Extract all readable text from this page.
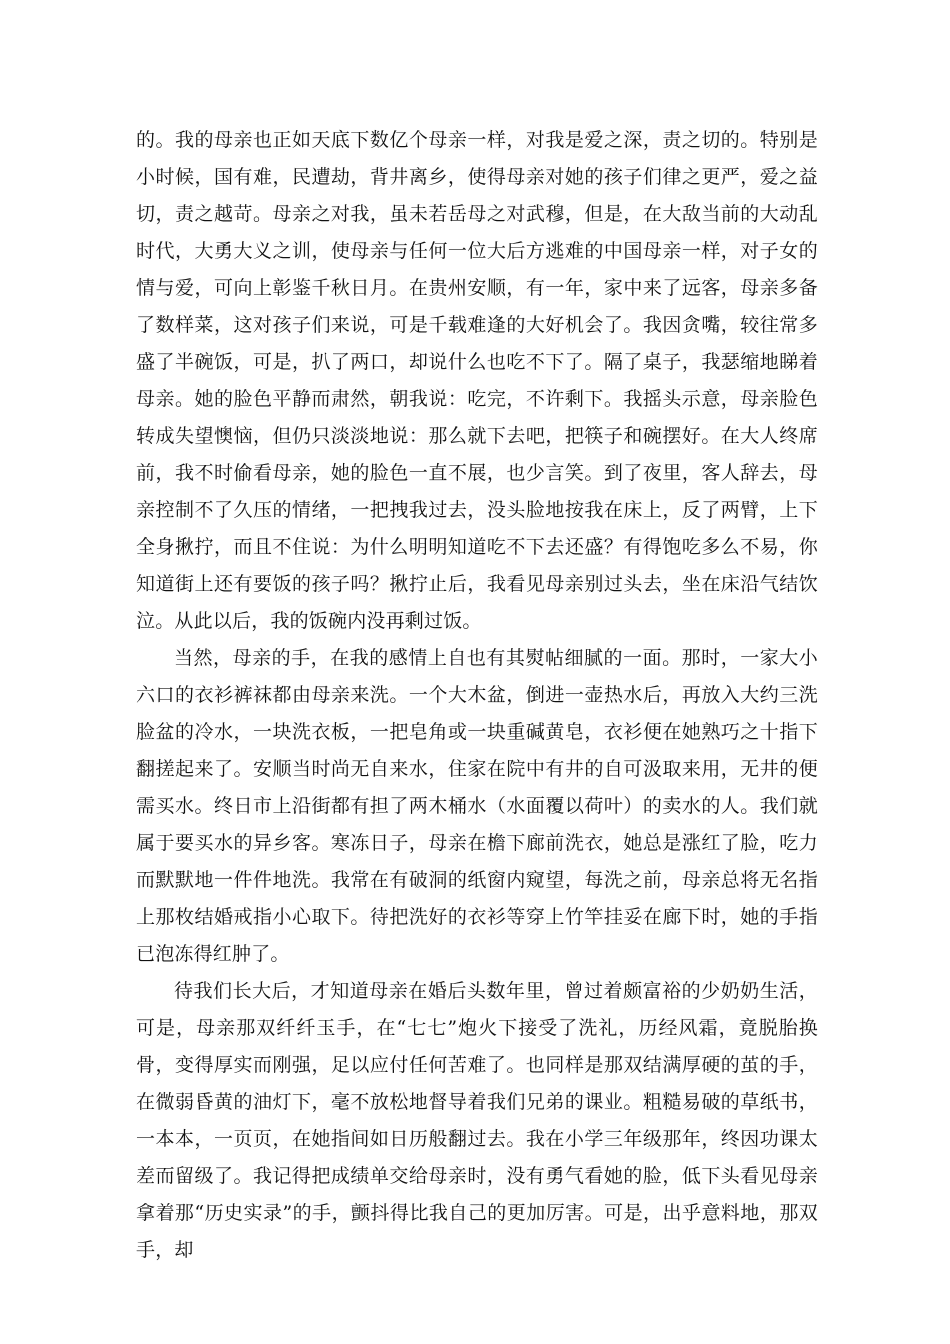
的。我的母亲也正如天底下数亿个母亲一样，对我是爱之深，责之切的。特别是小时候，国有难，民遭劫，背井离乡，使得母亲对她的孩子们律之更严，爱之益切，责之越苛。母亲之对我，虽未若岳母之对武穆，但是，在大敌当前的大动乱时代，大勇大义之训，使母亲与任何一位大后方逃难的中国母亲一样，对子女的情与爱，可向上彰鉴千秋日月。在贵州安顺，有一年，家中来了远客，母亲多备了数样菜，这对孩子们来说，可是千载难逢的大好机会了。我因贪嘴，较往常多盛了半碗饭，可是，扒了两口，却说什么也吃不下了。隔了桌子，我瑟缩地睇着母亲。她的脸色平静而肃然，朝我说：吃完，不许剩下。我摇头示意，母亲脸色转成失望懊恼，但仍只淡淡地说：那么就下去吧，把筷子和碗摆好。在大人终席前，我不时偷看母亲，她的脸色一直不展，也少言笑。到了夜里，客人辞去，母亲控制不了久压的情绪，一把拽我过去，没头脸地按我在床上，反了两臂，上下全身揪拧，而且不住说：为什么明明知道吃不下去还盛？有得饱吃多么不易，你知道街上还有要饭的孩子吗？揪拧止后，我看见母亲别过头去，坐在床沿气结饮泣。从此以后，我的饭碗内没再剩过饭。

当然，母亲的手，在我的感情上自也有其熨帖细腻的一面。那时，一家大小六口的衣衫裤袜都由母亲来洗。一个大木盆，倒进一壶热水后，再放入大约三洗脸盆的冷水，一块洗衣板，一把皂角或一块重碱黄皂，衣衫便在她熟巧之十指下翻搓起来了。安顺当时尚无自来水，住家在院中有井的自可汲取来用，无井的便需买水。终日市上沿街都有担了两木桶水（水面覆以荷叶）的卖水的人。我们就属于要买水的异乡客。寒冻日子，母亲在檐下廊前洗衣，她总是涨红了脸，吃力而默默地一件件地洗。我常在有破洞的纸窗内窥望，每洗之前，母亲总将无名指上那枚结婚戒指小心取下。待把洗好的衣衫等穿上竹竿挂妥在廊下时，她的手指已泡冻得红肿了。

待我们长大后，才知道母亲在婚后头数年里，曾过着颇富裕的少奶奶生活，可是，母亲那双纤纤玉手，在“七七”炮火下接受了洗礼，历经风霜，竟脱胎换骨，变得厚实而刚强，足以应付任何苦难了。也同样是那双结满厚硬的茧的手，在微弱昏黄的油灯下，毫不放松地督导着我们兄弟的课业。粗糙易破的草纸书，一本本，一页页，在她指间如日历般翻过去。我在小学三年级那年，终因功课太差而留级了。我记得把成绩单交给母亲时，没有勇气看她的脸，低下头看见母亲拿着那“历史实录”的手，颤抖得比我自己的更加厉害。可是，出乎意料地，那双手，却
